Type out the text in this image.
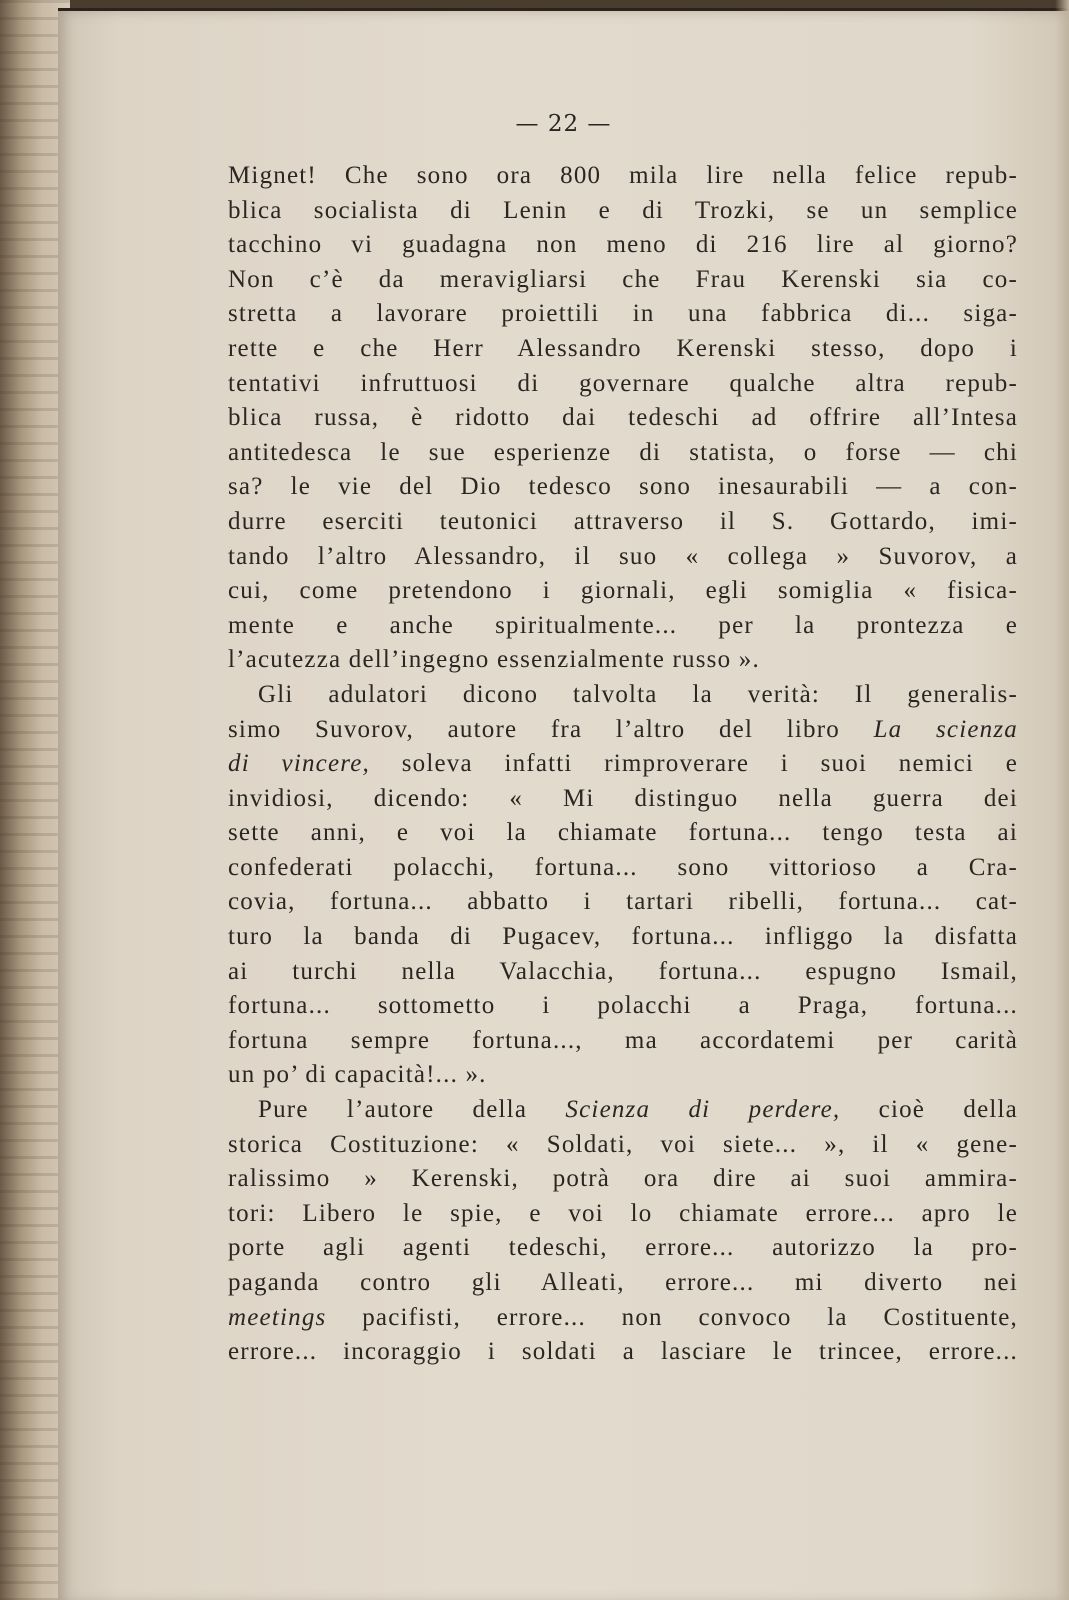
— 22 —
Mignet! Che sono ora 800 mila lire nella felice repub-
blica socialista di Lenin e di Trozki, se un semplice
tacchino vi guadagna non meno di 216 lire al giorno?
Non c’è da meravigliarsi che Frau Kerenski sia co-
stretta a lavorare proiettili in una fabbrica di... siga-
rette e che Herr Alessandro Kerenski stesso, dopo i
tentativi infruttuosi di governare qualche altra repub-
blica russa, è ridotto dai tedeschi ad offrire all’Intesa
antitedesca le sue esperienze di statista, o forse — chi
sa? le vie del Dio tedesco sono inesaurabili — a con-
durre eserciti teutonici attraverso il S. Gottardo, imi-
tando l’altro Alessandro, il suo « collega » Suvorov, a
cui, come pretendono i giornali, egli somiglia « fisica-
mente e anche spiritualmente... per la prontezza e
l’acutezza dell’ingegno essenzialmente russo ».
Gli adulatori dicono talvolta la verità: Il generalis-
simo Suvorov, autore fra l’altro del libro La scienza
di vincere, soleva infatti rimproverare i suoi nemici e
invidiosi, dicendo: « Mi distinguo nella guerra dei
sette anni, e voi la chiamate fortuna... tengo testa ai
confederati polacchi, fortuna... sono vittorioso a Cra-
covia, fortuna... abbatto i tartari ribelli, fortuna... cat-
turo la banda di Pugacev, fortuna... infliggo la disfatta
ai turchi nella Valacchia, fortuna... espugno Ismail,
fortuna... sottometto i polacchi a Praga, fortuna...
fortuna sempre fortuna..., ma accordatemi per carità
un po’ di capacità!... ».
Pure l’autore della Scienza di perdere, cioè della
storica Costituzione: « Soldati, voi siete... », il « gene-
ralissimo » Kerenski, potrà ora dire ai suoi ammira-
tori: Libero le spie, e voi lo chiamate errore... apro le
porte agli agenti tedeschi, errore... autorizzo la pro-
paganda contro gli Alleati, errore... mi diverto nei
meetings pacifisti, errore... non convoco la Costituente,
errore... incoraggio i soldati a lasciare le trincee, errore...
